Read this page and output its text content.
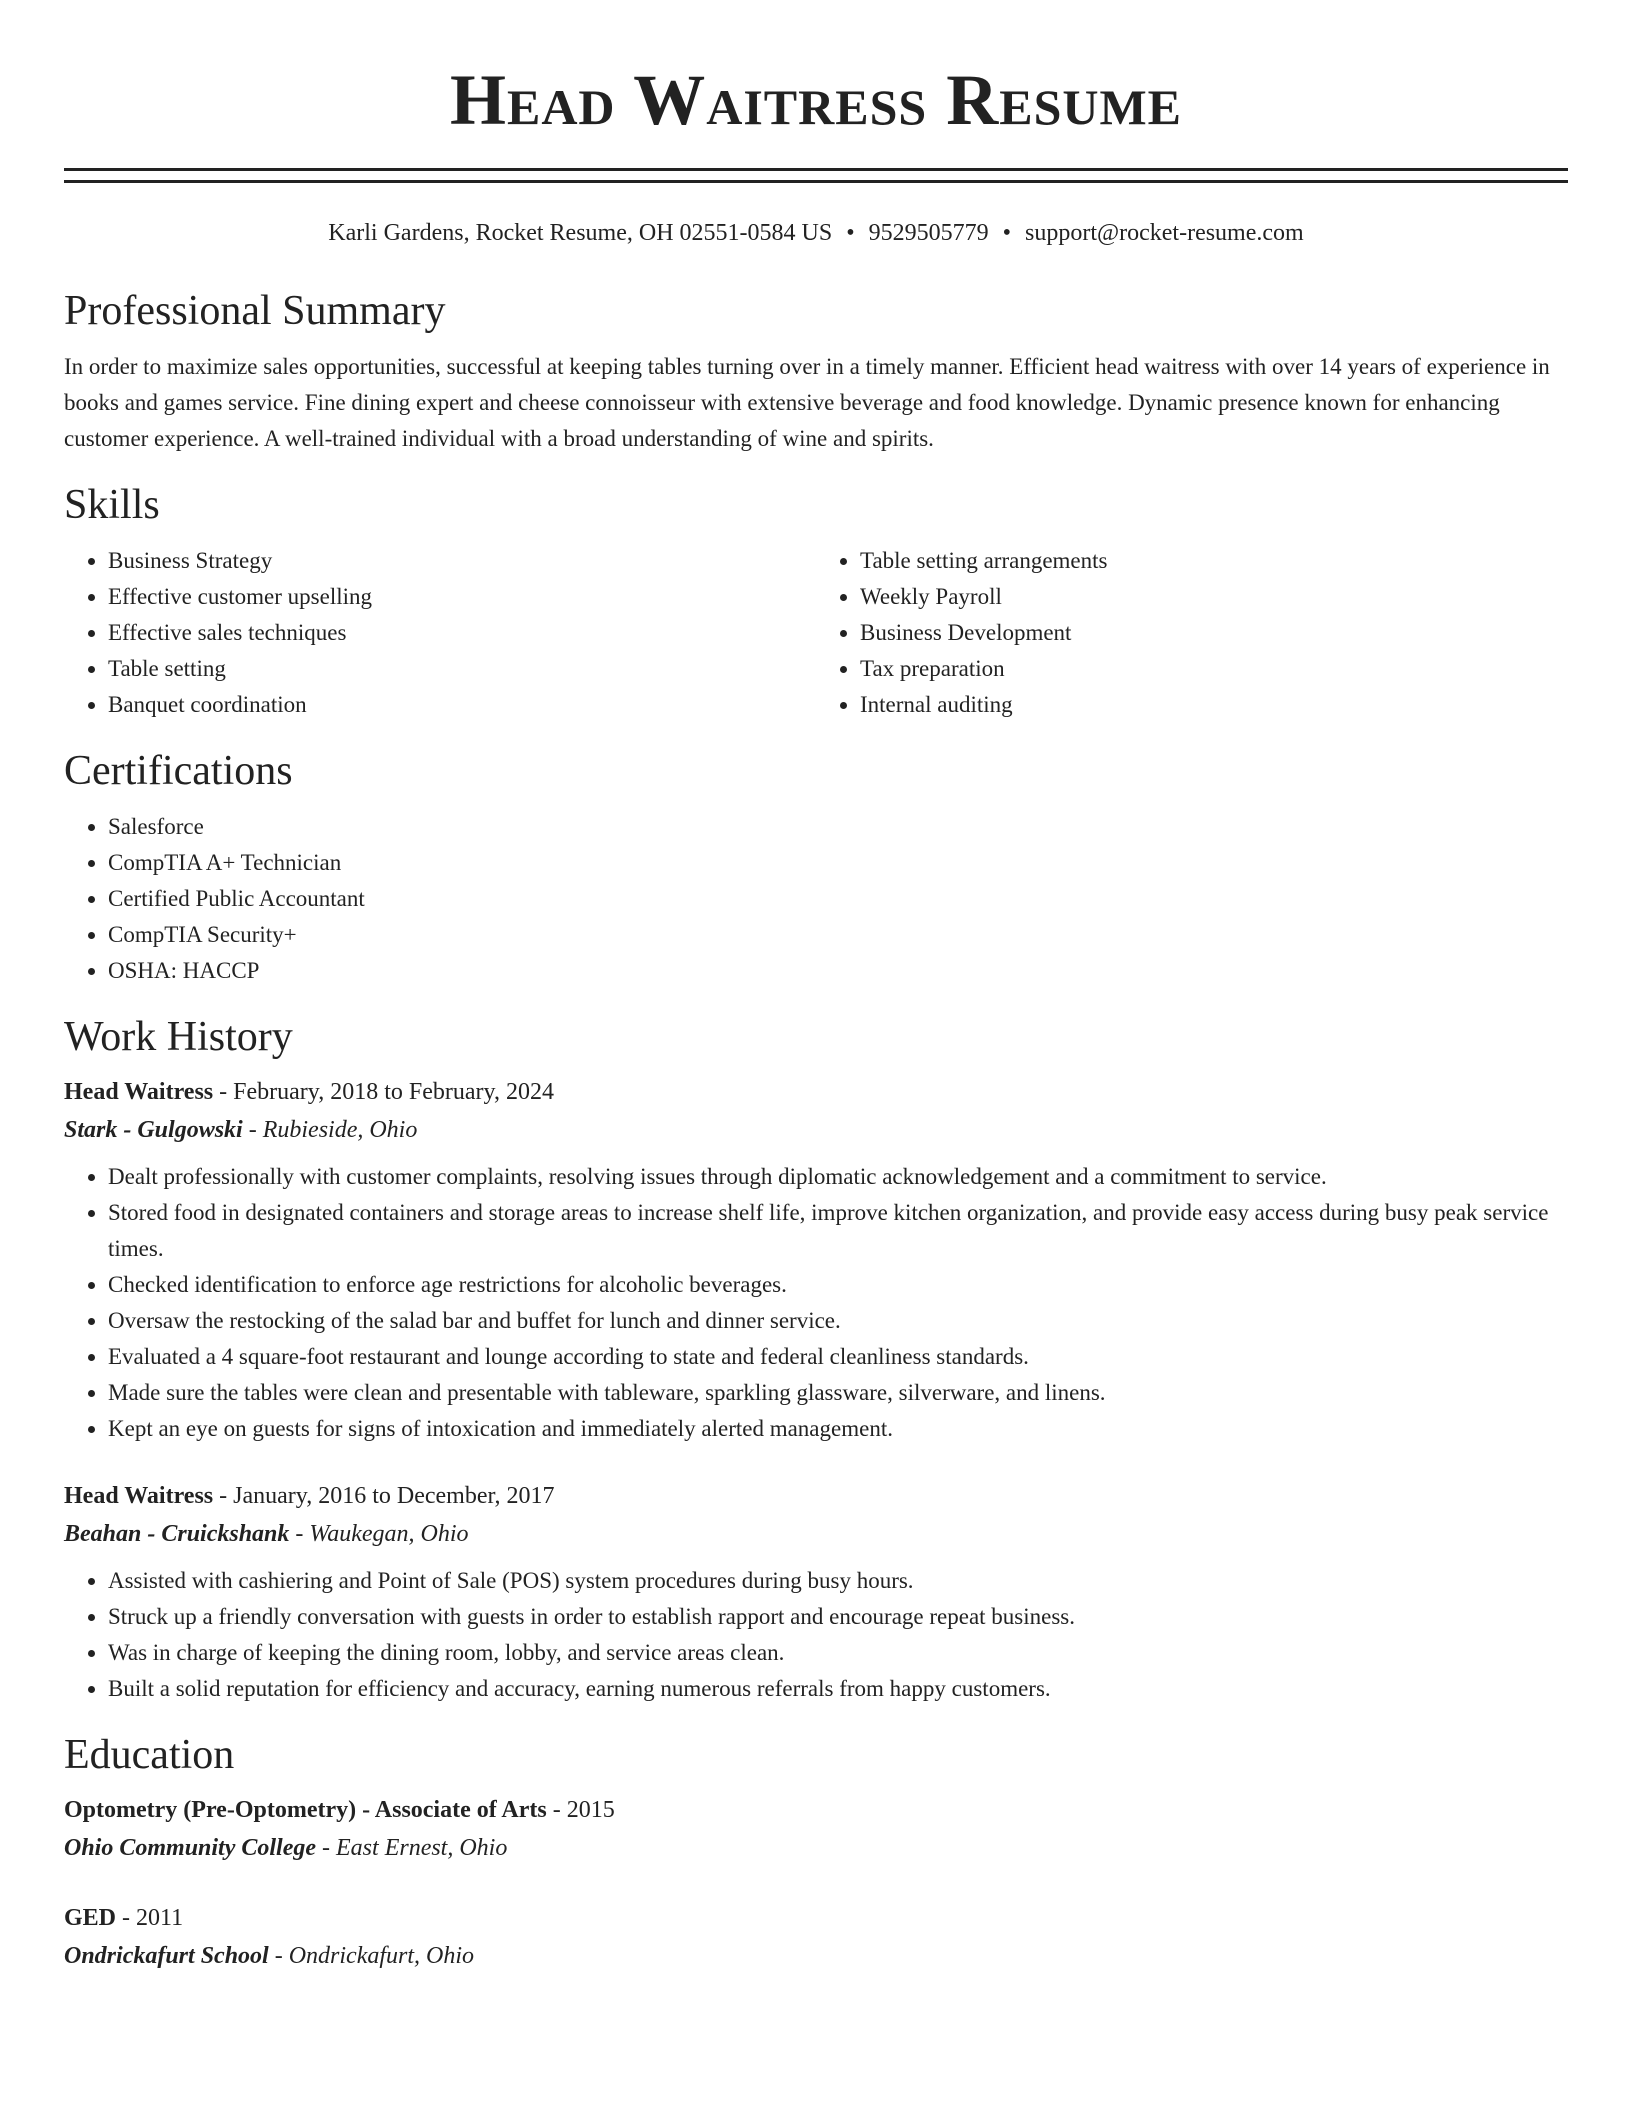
Head Waitress Resume
Karli Gardens, Rocket Resume, OH 02551-0584 US • 9529505779 • support@rocket-resume.com
Professional Summary

In order to maximize sales opportunities, successful at keeping tables turning over in a timely manner. Efficient head waitress with over 14 years of experience in books and games service. Fine dining expert and cheese connoisseur with extensive beverage and food knowledge. Dynamic presence known for enhancing customer experience. A well-trained individual with a broad understanding of wine and spirits.

Skills
• Business Strategy
• Effective customer upselling
• Effective sales techniques
• Table setting
• Banquet coordination
• Table setting arrangements
• Weekly Payroll
• Business Development
• Tax preparation
• Internal auditing
Certifications
• Salesforce
• CompTIA A+ Technician
• Certified Public Accountant
• CompTIA Security+
• OSHA: HACCP
Work History

Head Waitress - February, 2018 to February, 2024

Stark - Gulgowski - Rubieside, Ohio

• Dealt professionally with customer complaints, resolving issues through diplomatic acknowledgement and a commitment to service.
• Stored food in designated containers and storage areas to increase shelf life, improve kitchen organization, and provide easy access during busy peak service times.
• Checked identification to enforce age restrictions for alcoholic beverages.
• Oversaw the restocking of the salad bar and buffet for lunch and dinner service.
• Evaluated a 4 square-foot restaurant and lounge according to state and federal cleanliness standards.
• Made sure the tables were clean and presentable with tableware, sparkling glassware, silverware, and linens.
• Kept an eye on guests for signs of intoxication and immediately alerted management.

Head Waitress - January, 2016 to December, 2017

Beahan - Cruickshank - Waukegan, Ohio

• Assisted with cashiering and Point of Sale (POS) system procedures during busy hours.
• Struck up a friendly conversation with guests in order to establish rapport and encourage repeat business.
• Was in charge of keeping the dining room, lobby, and service areas clean.
• Built a solid reputation for efficiency and accuracy, earning numerous referrals from happy customers.
Education

Optometry (Pre-Optometry) - Associate of Arts - 2015

Ohio Community College - East Ernest, Ohio

GED - 2011

Ondrickafurt School - Ondrickafurt, Ohio
